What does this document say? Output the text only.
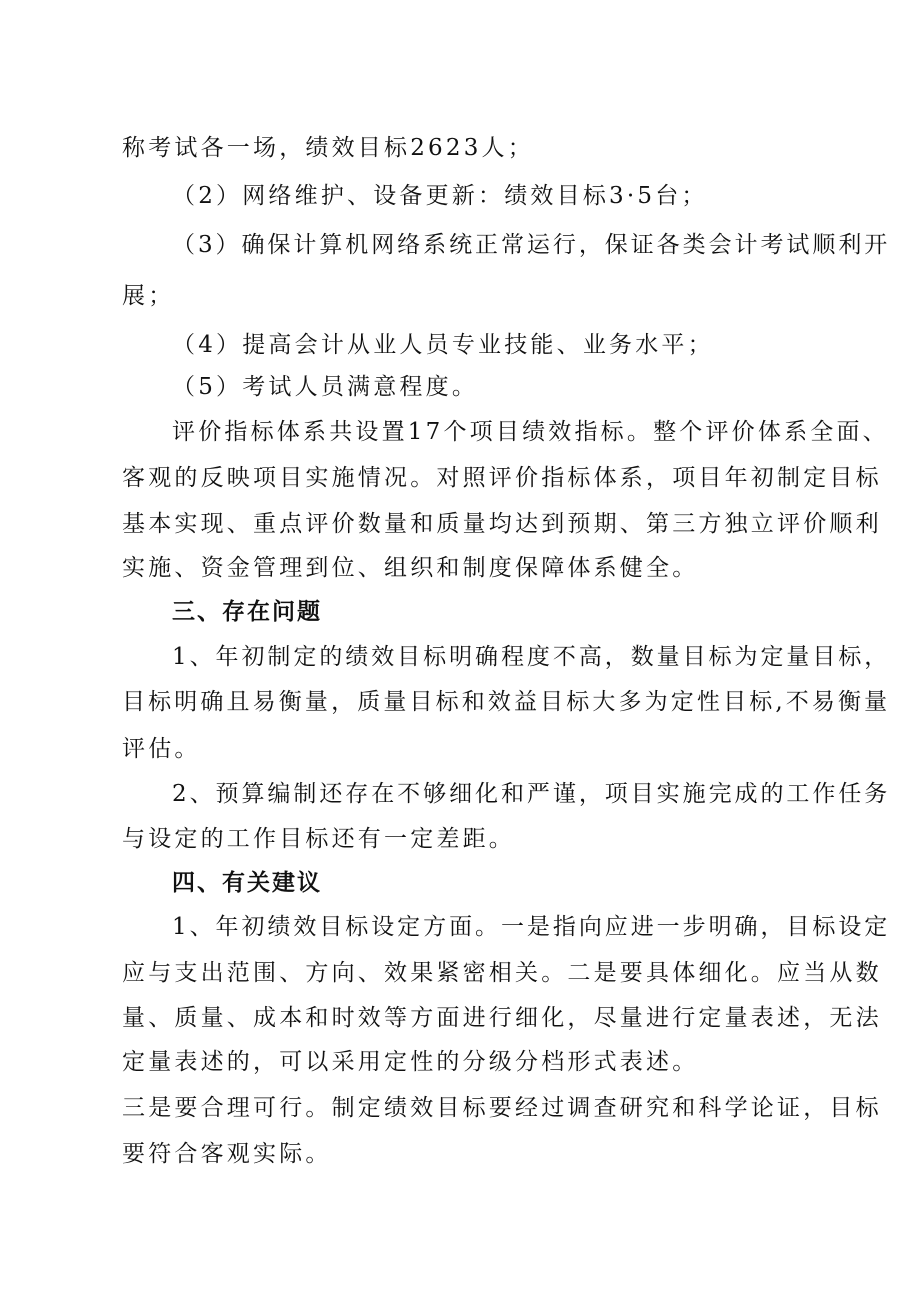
称考试各一场，绩效目标2623人；
（2）网络维护、设备更新：绩效目标3·5台；
（3）确保计算机网络系统正常运行，保证各类会计考试顺利开
展；
（4）提高会计从业人员专业技能、业务水平；
（5）考试人员满意程度。
评价指标体系共设置17个项目绩效指标。整个评价体系全面、
客观的反映项目实施情况。对照评价指标体系，项目年初制定目标
基本实现、重点评价数量和质量均达到预期、第三方独立评价顺利
实施、资金管理到位、组织和制度保障体系健全。
三、存在问题
1、年初制定的绩效目标明确程度不高，数量目标为定量目标，
目标明确且易衡量，质量目标和效益目标大多为定性目标,不易衡量
评估。
2、预算编制还存在不够细化和严谨，项目实施完成的工作任务
与设定的工作目标还有一定差距。
四、有关建议
1、年初绩效目标设定方面。一是指向应进一步明确，目标设定
应与支出范围、方向、效果紧密相关。二是要具体细化。应当从数
量、质量、成本和时效等方面进行细化，尽量进行定量表述，无法
定量表述的，可以采用定性的分级分档形式表述。
三是要合理可行。制定绩效目标要经过调查研究和科学论证，目标
要符合客观实际。
